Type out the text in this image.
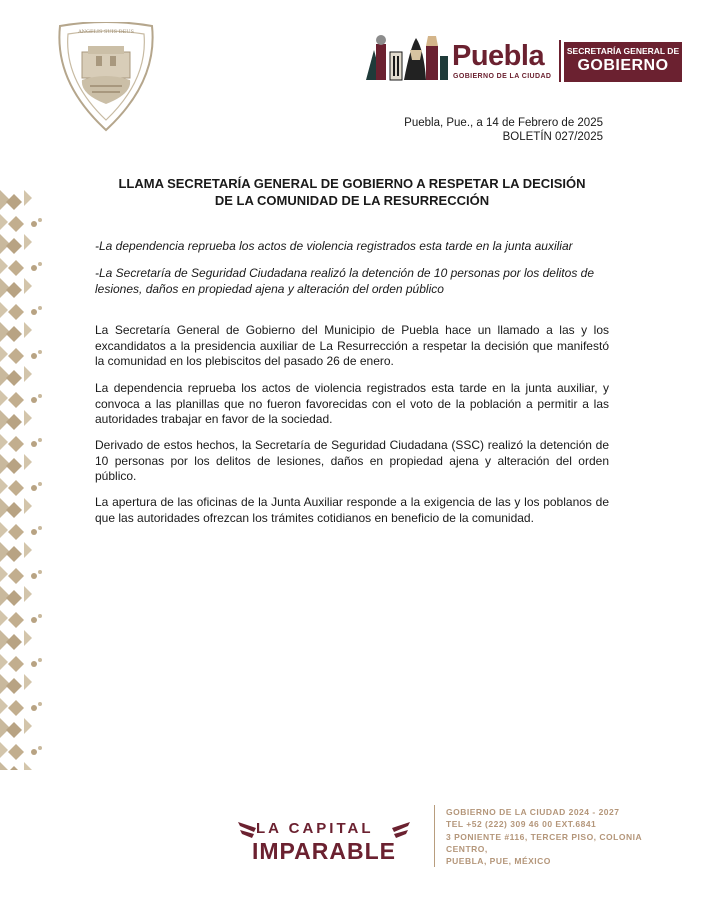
ANGELIS SUIS DEUS
Puebla
GOBIERNO DE LA CIUDAD
SECRETARÍA GENERAL DE
GOBIERNO
Puebla, Pue., a 14 de Febrero de 2025
BOLETÍN 027/2025
LLAMA SECRETARÍA GENERAL DE GOBIERNO A RESPETAR LA DECISIÓN
DE LA COMUNIDAD DE LA RESURRECCIÓN
-La dependencia reprueba los actos de violencia registrados esta tarde en la junta auxiliar
-La Secretaría de Seguridad Ciudadana realizó la detención de 10 personas por los delitos de lesiones, daños en propiedad ajena y alteración del orden público
La Secretaría General de Gobierno del Municipio de Puebla hace un llamado a las y los excandidatos a la presidencia auxiliar de La Resurrección a respetar la decisión que manifestó la comunidad en los plebiscitos del pasado 26 de enero.
La dependencia reprueba los actos de violencia registrados esta tarde en la junta auxiliar, y convoca a las planillas que no fueron favorecidas con el voto de la población a permitir a las autoridades trabajar en favor de la sociedad.
Derivado de estos hechos, la Secretaría de Seguridad Ciudadana (SSC) realizó la detención de 10 personas por los delitos de lesiones, daños en propiedad ajena y alteración del orden público.
La apertura de las oficinas de la Junta Auxiliar responde a la exigencia de las y los poblanos de que las autoridades ofrezcan los trámites cotidianos en beneficio de la comunidad.
LA CAPITAL
IMPARABLE
GOBIERNO DE LA CIUDAD 2024 - 2027
TEL +52 (222) 309 46 00 EXT.6841
3 PONIENTE #116, TERCER PISO, COLONIA
CENTRO,
PUEBLA, PUE, MÉXICO
